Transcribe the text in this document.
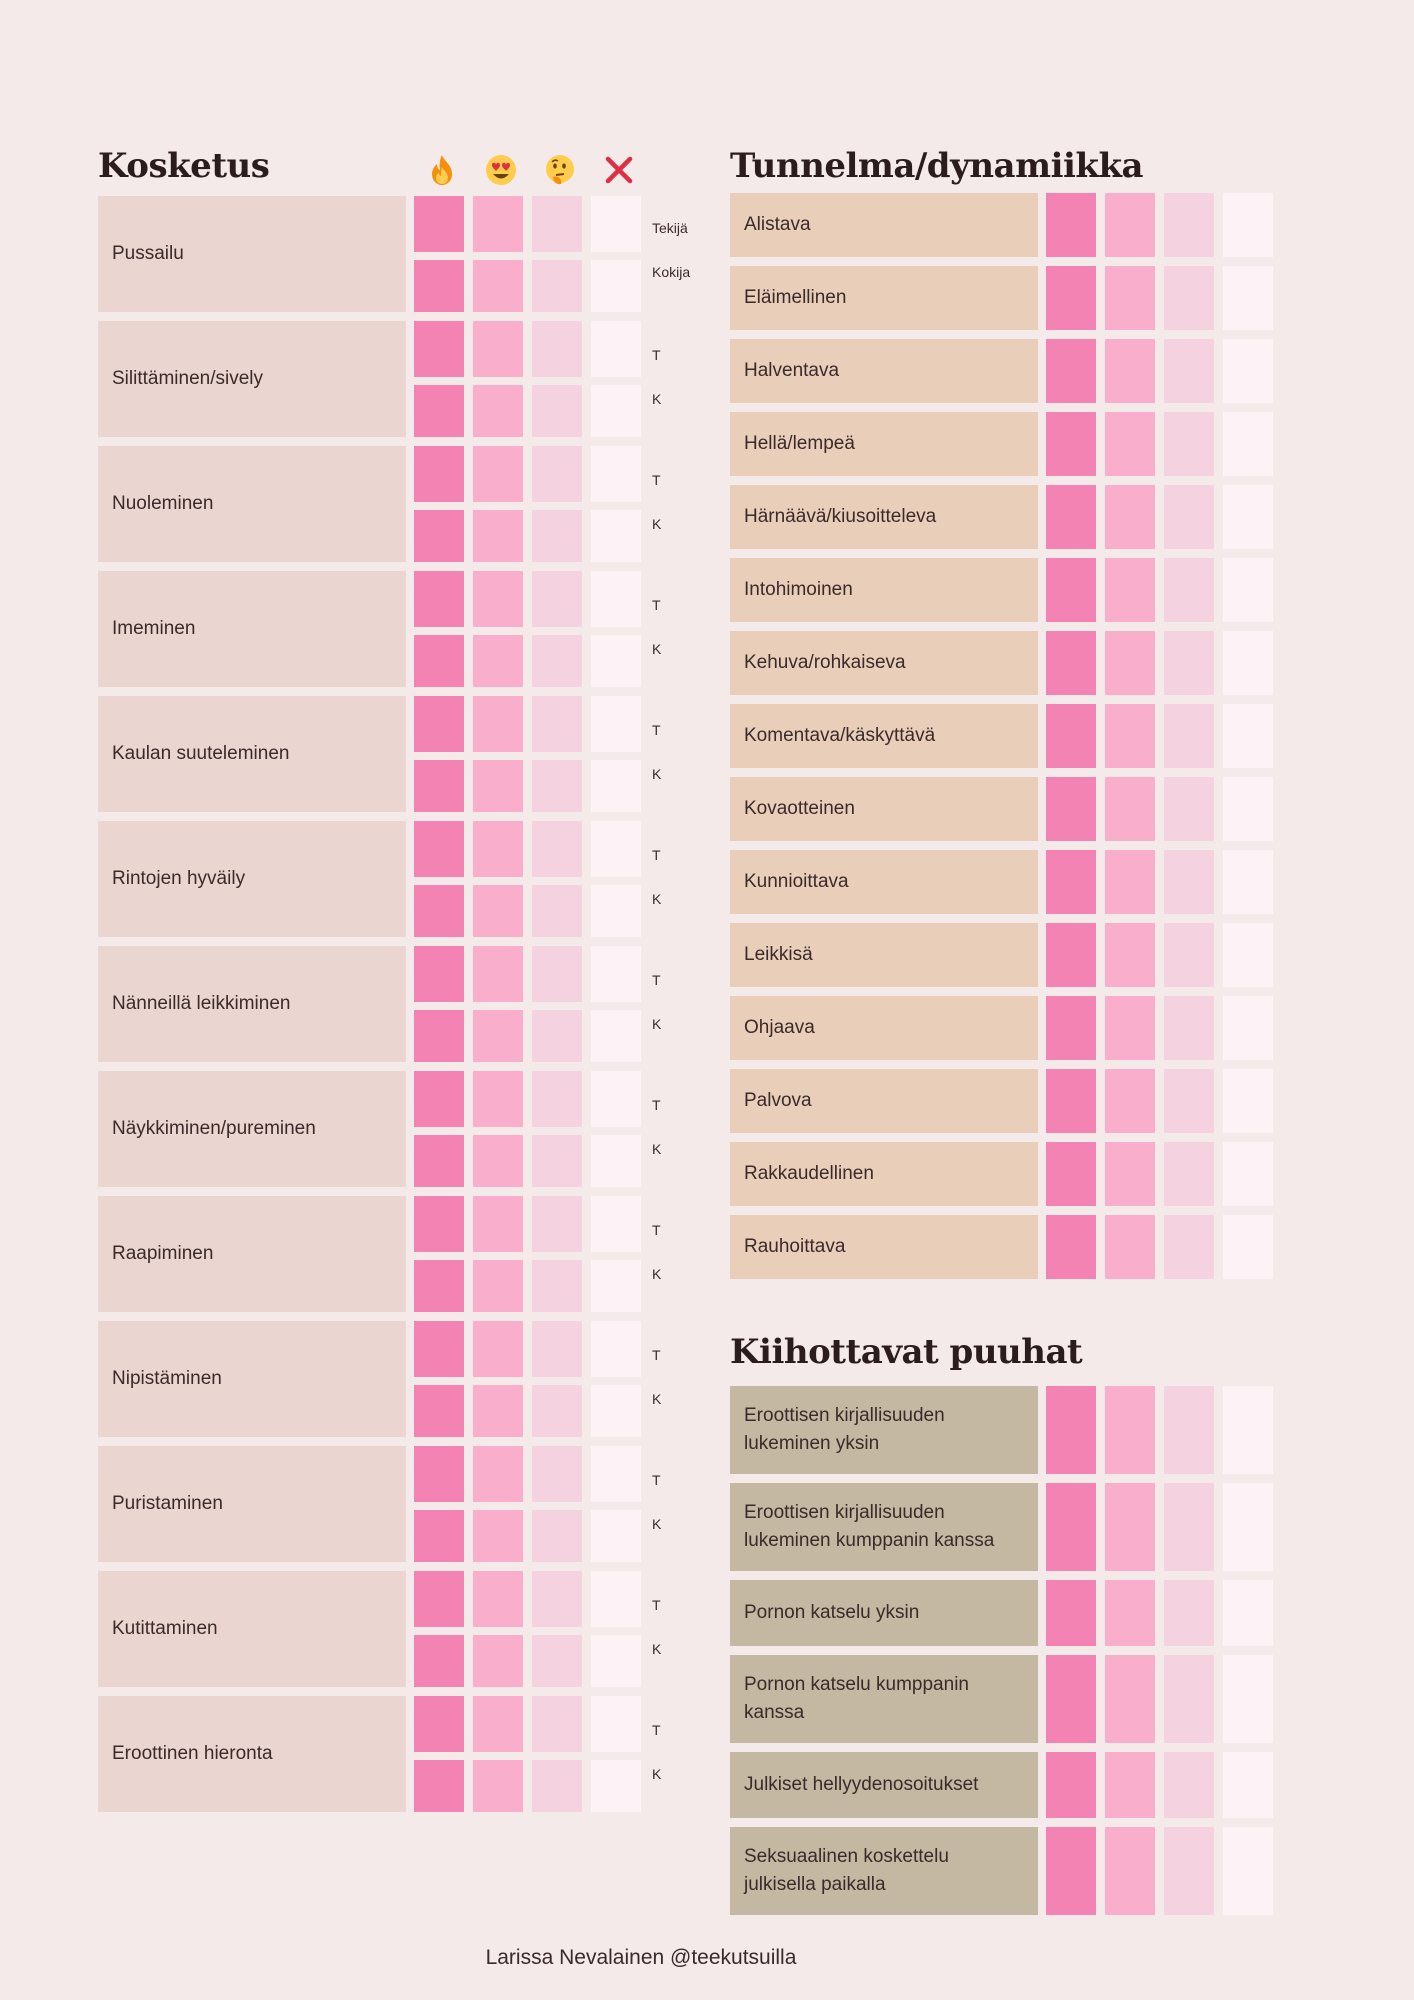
Kosketus
Pussailu
Tekijä
Kokija
Silittäminen/sively
T
K
Nuoleminen
T
K
Imeminen
T
K
Kaulan suuteleminen
T
K
Rintojen hyväily
T
K
Nänneillä leikkiminen
T
K
Näykkiminen/pureminen
T
K
Raapiminen
T
K
Nipistäminen
T
K
Puristaminen
T
K
Kutittaminen
T
K
Eroottinen hieronta
T
K
Tunnelma/dynamiikka
Alistava
Eläimellinen
Halventava
Hellä/lempeä
Härnäävä/kiusoitteleva
Intohimoinen
Kehuva/rohkaiseva
Komentava/käskyttävä
Kovaotteinen
Kunnioittava
Leikkisä
Ohjaava
Palvova
Rakkaudellinen
Rauhoittava
Kiihottavat puuhat
Eroottisen kirjallisuuden
lukeminen yksin
Eroottisen kirjallisuuden
lukeminen kumppanin kanssa
Pornon katselu yksin
Pornon katselu kumppanin
kanssa
Julkiset hellyydenosoitukset
Seksuaalinen koskettelu
julkisella paikalla
Larissa Nevalainen @teekutsuilla
